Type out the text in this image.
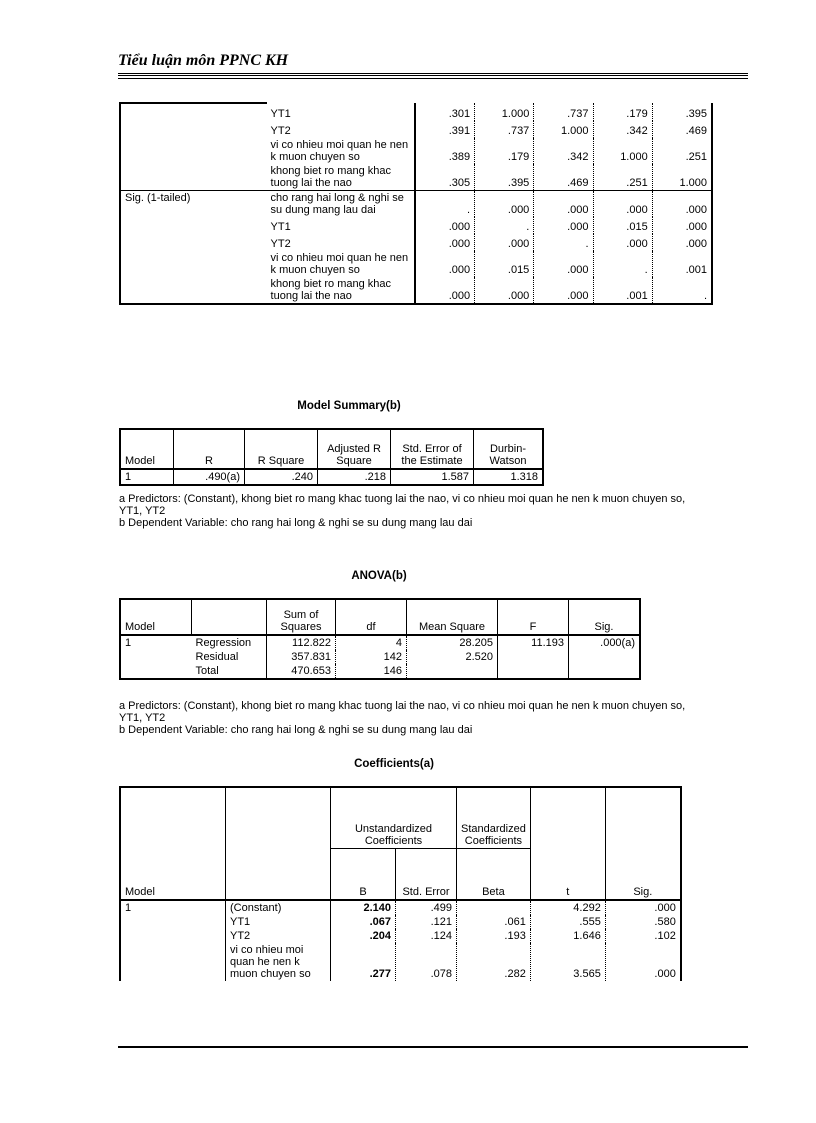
Tiểu luận môn PPNC KH
	YT1	.301	1.000	.737	.179	.395
	YT2	.391	.737	1.000	.342	.469
	vi co nhieu moi quan he nen k muon chuyen so	.389	.179	.342	1.000	.251
	khong biet ro mang khac tuong lai the nao	.305	.395	.469	.251	1.000
Sig. (1-tailed)	cho rang hai long & nghi se su dung mang lau dai	.	.000	.000	.000	.000
	YT1	.000	.	.000	.015	.000
	YT2	.000	.000	.	.000	.000
	vi co nhieu moi quan he nen k muon chuyen so	.000	.015	.000	.	.001
	khong biet ro mang khac tuong lai the nao	.000	.000	.000	.001	.
Model Summary(b)
Model	R	R Square	Adjusted R Square	Std. Error of the Estimate	Durbin-Watson
1	.490(a)	.240	.218	1.587	1.318
a Predictors: (Constant), khong biet ro mang khac tuong lai the nao, vi co nhieu moi quan he nen k muon chuyen so,
YT1, YT2
b Dependent Variable: cho rang hai long & nghi se su dung mang lau dai
ANOVA(b)
Model		Sum of Squares	df	Mean Square	F	Sig.
1	Regression	112.822	4	28.205	11.193	.000(a)
	Residual	357.831	142	2.520		
	Total	470.653	146			
a Predictors: (Constant), khong biet ro mang khac tuong lai the nao, vi co nhieu moi quan he nen k muon chuyen so,
YT1, YT2
b Dependent Variable: cho rang hai long & nghi se su dung mang lau dai
Coefficients(a)
Model		Unstandardized Coefficients		Standardized Coefficients	t	Sig.
		B	Std. Error	Beta		
1	(Constant)	2.140	.499		4.292	.000
	YT1	.067	.121	.061	.555	.580
	YT2	.204	.124	.193	1.646	.102
	vi co nhieu moi quan he nen k muon chuyen so	.277	.078	.282	3.565	.000
